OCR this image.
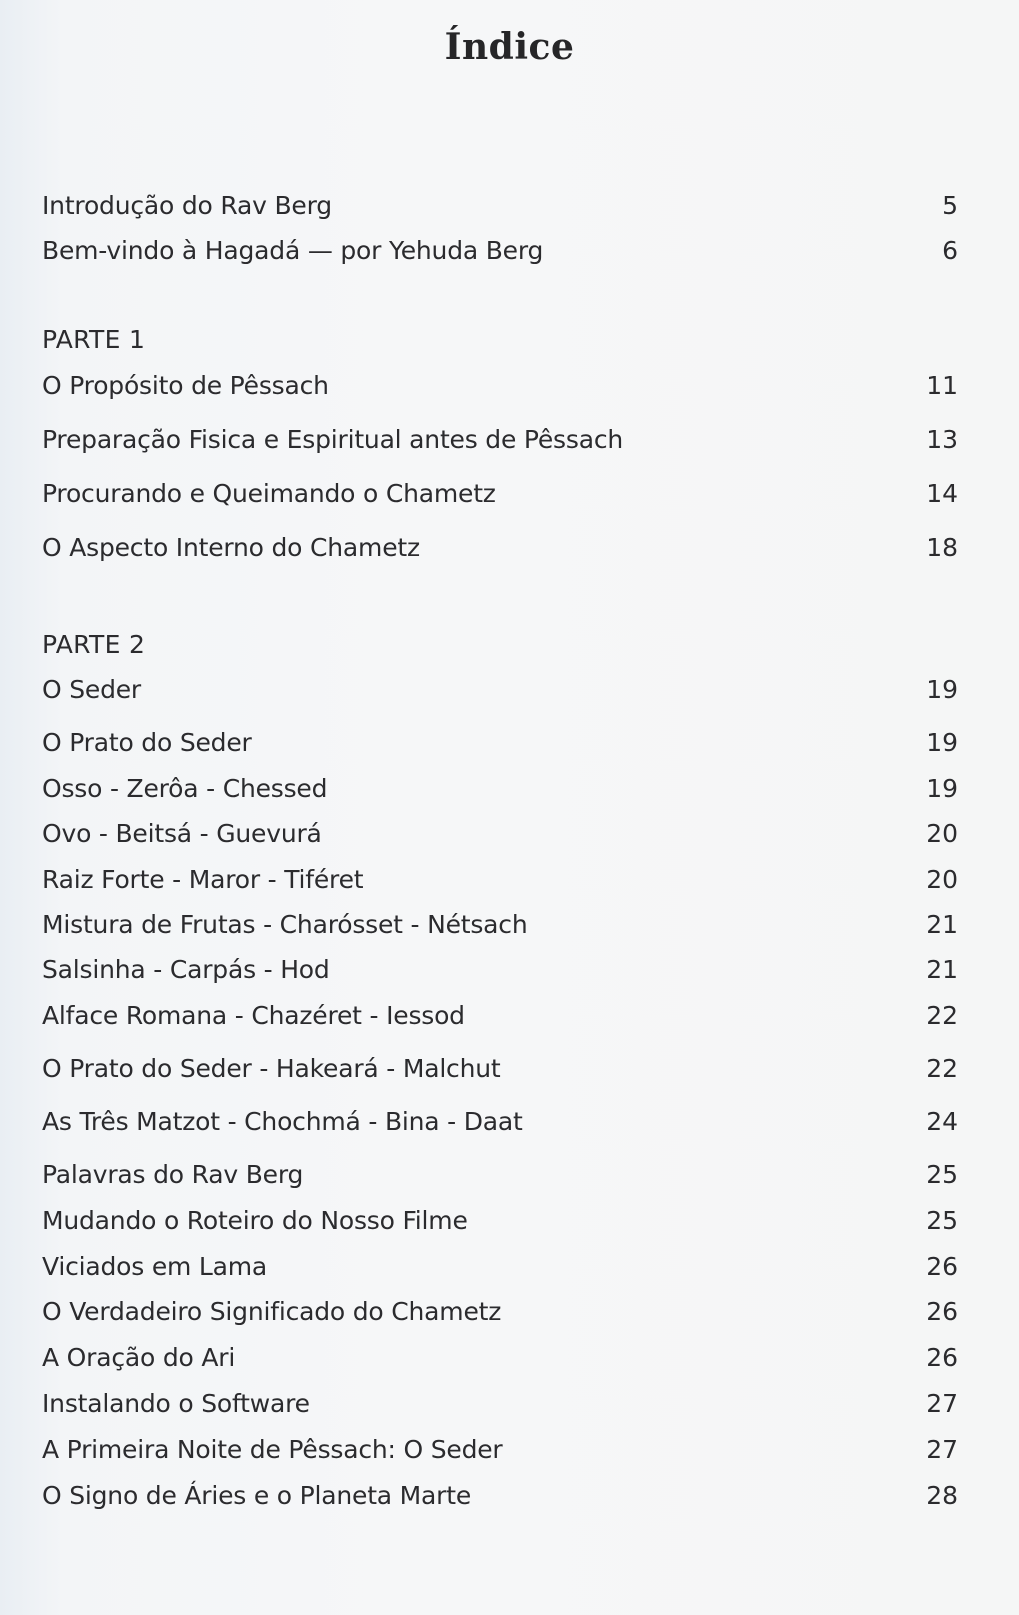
Índice
Introdução do Rav Berg	5
Bem-vindo à Hagadá — por Yehuda Berg	6
PARTE 1
O Propósito de Pêssach	11
Preparação Fisica e Espiritual antes de Pêssach	13
Procurando e Queimando o Chametz	14
O Aspecto Interno do Chametz	18
PARTE 2
O Seder	19
O Prato do Seder	19
Osso - Zerôa - Chessed	19
Ovo - Beitsá - Guevurá	20
Raiz Forte - Maror - Tiféret	20
Mistura de Frutas - Charósset - Nétsach	21
Salsinha - Carpás - Hod	21
Alface Romana - Chazéret - Iessod	22
O Prato do Seder - Hakeará - Malchut	22
As Três Matzot - Chochmá - Bina - Daat	24
Palavras do Rav Berg	25
Mudando o Roteiro do Nosso Filme	25
Viciados em Lama	26
O Verdadeiro Significado do Chametz	26
A Oração do Ari	26
Instalando o Software	27
A Primeira Noite de Pêssach: O Seder	27
O Signo de Áries e o Planeta Marte	28
